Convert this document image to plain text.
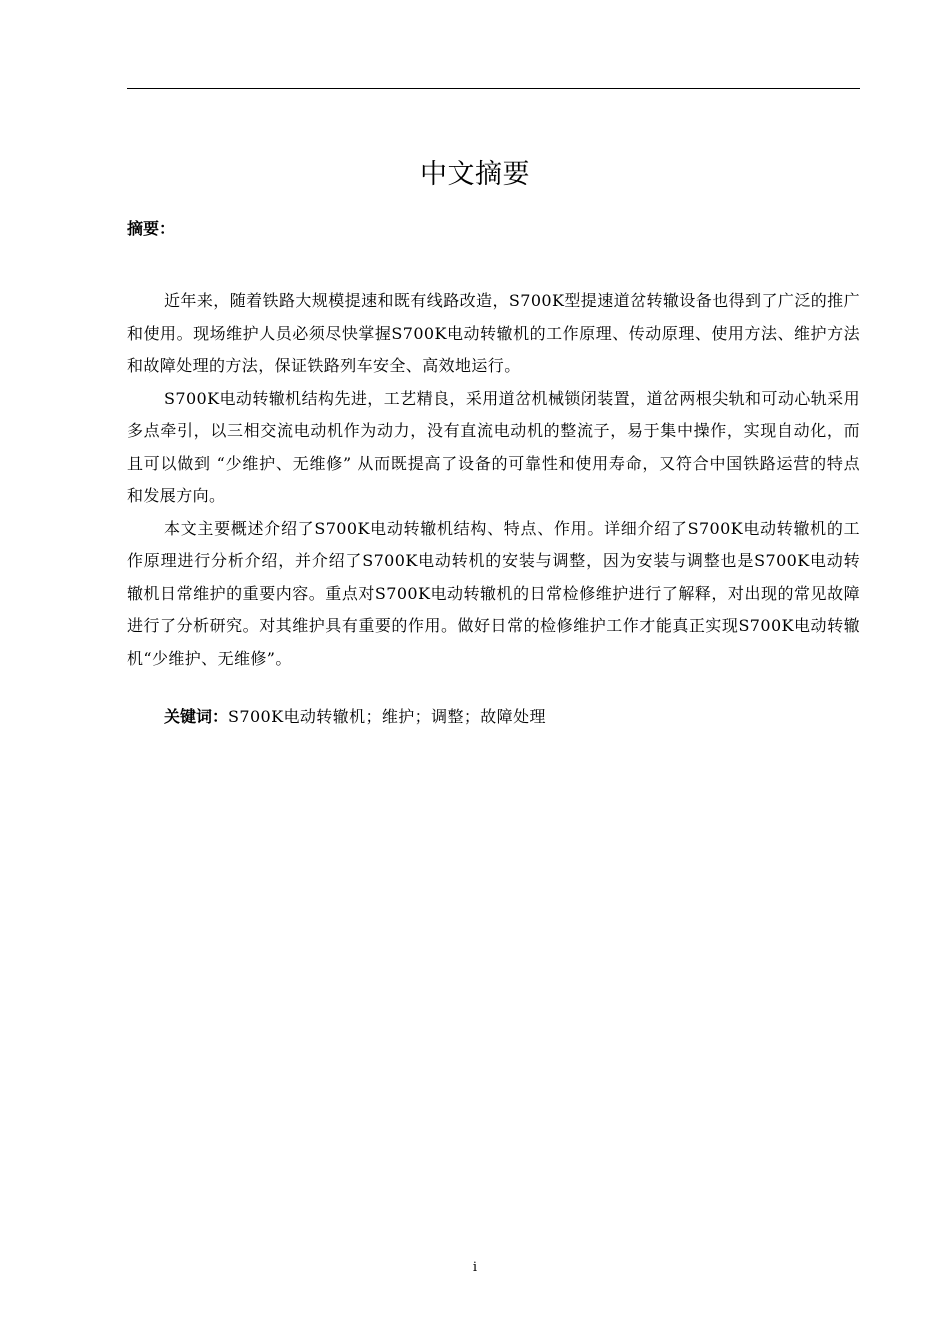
中文摘要
摘要：

近年来，随着铁路大规模提速和既有线路改造，S700K型提速道岔转辙设备也得到了广泛的推广和使用。现场维护人员必须尽快掌握S700K电动转辙机的工作原理、传动原理、使用方法、维护方法和故障处理的方法，保证铁路列车安全、高效地运行。

S700K电动转辙机结构先进，工艺精良，采用道岔机械锁闭装置，道岔两根尖轨和可动心轨采用多点牵引，以三相交流电动机作为动力，没有直流电动机的整流子，易于集中操作，实现自动化，而且可以做到 “少维护、无维修” 从而既提高了设备的可靠性和使用寿命，又符合中国铁路运营的特点和发展方向。

本文主要概述介绍了S700K电动转辙机结构、特点、作用。详细介绍了S700K电动转辙机的工作原理进行分析介绍，并介绍了S700K电动转机的安装与调整，因为安装与调整也是S700K电动转辙机日常维护的重要内容。重点对S700K电动转辙机的日常检修维护进行了解释，对出现的常见故障进行了分析研究。对其维护具有重要的作用。做好日常的检修维护工作才能真正实现S700K电动转辙机“少维护、无维修”。

关键词：S700K电动转辙机；维护；调整；故障处理
i
